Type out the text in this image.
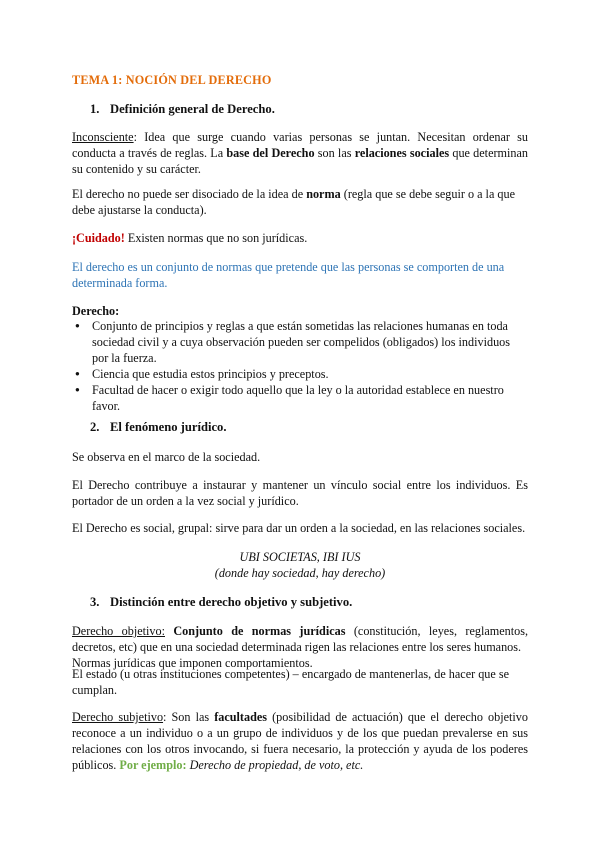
TEMA 1: NOCIÓN DEL DERECHO
1. Definición general de Derecho.
Inconsciente: Idea que surge cuando varias personas se juntan. Necesitan ordenar su conducta a través de reglas. La base del Derecho son las relaciones sociales que determinan su contenido y su carácter.
El derecho no puede ser disociado de la idea de norma (regla que se debe seguir o a la que debe ajustarse la conducta).
¡Cuidado! Existen normas que no son jurídicas.
El derecho es un conjunto de normas que pretende que las personas se comporten de una determinada forma.
Derecho:
● Conjunto de principios y reglas a que están sometidas las relaciones humanas en toda sociedad civil y a cuya observación pueden ser compelidos (obligados) los individuos por la fuerza.
● Ciencia que estudia estos principios y preceptos.
● Facultad de hacer o exigir todo aquello que la ley o la autoridad establece en nuestro favor.
2. El fenómeno jurídico.
Se observa en el marco de la sociedad.
El Derecho contribuye a instaurar y mantener un vínculo social entre los individuos. Es portador de un orden a la vez social y jurídico.
El Derecho es social, grupal: sirve para dar un orden a la sociedad, en las relaciones sociales.
UBI SOCIETAS, IBI IUS
(donde hay sociedad, hay derecho)
3. Distinción entre derecho objetivo y subjetivo.
Derecho objetivo: Conjunto de normas jurídicas (constitución, leyes, reglamentos, decretos, etc) que en una sociedad determinada rigen las relaciones entre los seres humanos.
Normas jurídicas que imponen comportamientos.
El estado (u otras instituciones competentes) – encargado de mantenerlas, de hacer que se cumplan.
Derecho subjetivo: Son las facultades (posibilidad de actuación) que el derecho objetivo reconoce a un individuo o a un grupo de individuos y de los que puedan prevalerse en sus relaciones con los otros invocando, si fuera necesario, la protección y ayuda de los poderes públicos. Por ejemplo: Derecho de propiedad, de voto, etc.
